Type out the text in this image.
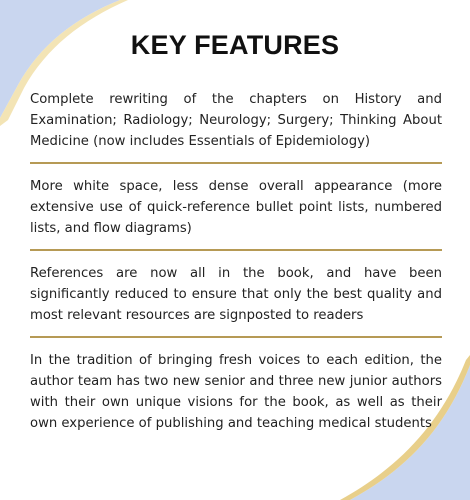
KEY FEATURES

Complete rewriting of the chapters on History and Examination; Radiology; Neurology; Surgery; Thinking About Medicine (now includes Essentials of Epidemiology)

More white space, less dense overall appearance (more extensive use of quick-reference bullet point lists, numbered lists, and flow diagrams)

References are now all in the book, and have been significantly reduced to ensure that only the best quality and most relevant resources are signposted to readers

In the tradition of bringing fresh voices to each edition, the author team has two new senior and three new junior authors with their own unique visions for the book, as well as their own experience of publishing and teaching medical students
